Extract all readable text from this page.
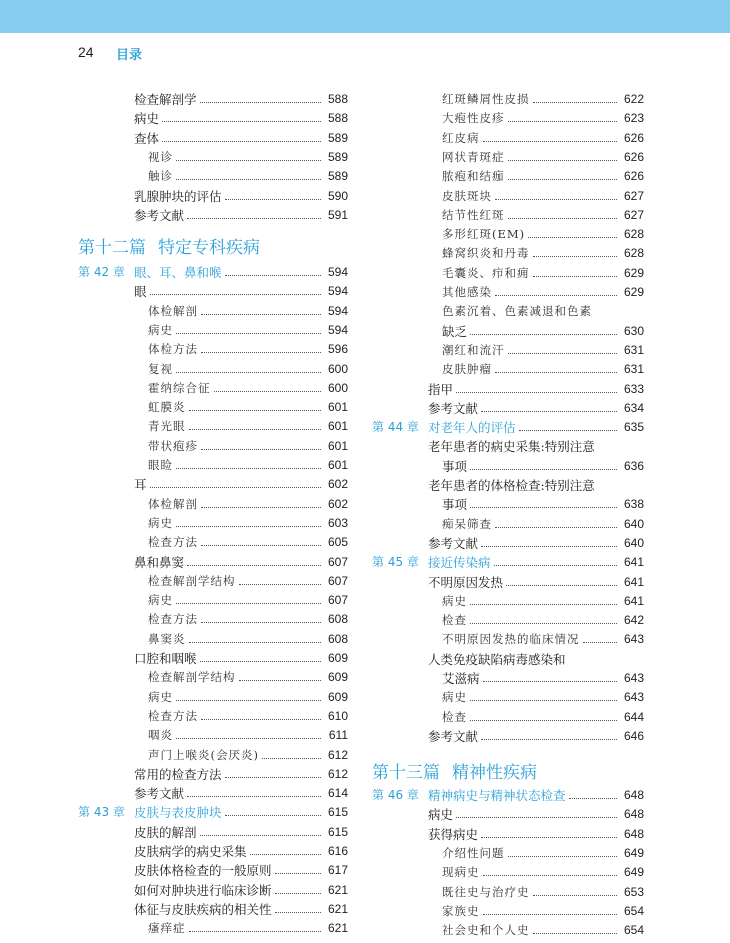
24 目录
检查解剖学	588
病史	588
查体	589
视诊	589
触诊	589
乳腺肿块的评估	590
参考文献	591
第十二篇 特定专科疾病
第 42 章 眼、耳、鼻和喉	594
眼	594
体检解剖	594
病史	594
体检方法	596
复视	600
霍纳综合征	600
虹膜炎	601
青光眼	601
带状疱疹	601
眼睑	601
耳	602
体检解剖	602
病史	603
检查方法	605
鼻和鼻窦	607
检查解剖学结构	607
病史	607
检查方法	608
鼻窦炎	608
口腔和咽喉	609
检查解剖学结构	609
病史	609
检查方法	610
咽炎	611
声门上喉炎(会厌炎)	612
常用的检查方法	612
参考文献	614
第 43 章 皮肤与表皮肿块	615
皮肤的解剖	615
皮肤病学的病史采集	616
皮肤体格检查的一般原则	617
如何对肿块进行临床诊断	621
体征与皮肤疾病的相关性	621
瘙痒症	621
红斑鳞屑性皮损	622
大疱性皮疹	623
红皮病	626
网状青斑症	626
脓疱和结痂	626
皮肤斑块	627
结节性红斑	627
多形红斑(EM)	628
蜂窝织炎和丹毒	628
毛囊炎、疖和痈	629
其他感染	629
色素沉着、色素减退和色素
缺乏	630
潮红和流汗	631
皮肤肿瘤	631
指甲	633
参考文献	634
第 44 章 对老年人的评估	635
老年患者的病史采集:特别注意
事项	636
老年患者的体格检查:特别注意
事项	638
痴呆筛查	640
参考文献	640
第 45 章 接近传染病	641
不明原因发热	641
病史	641
检查	642
不明原因发热的临床情况	643
人类免疫缺陷病毒感染和
艾滋病	643
病史	643
检查	644
参考文献	646
第十三篇 精神性疾病
第 46 章 精神病史与精神状态检查	648
病史	648
获得病史	648
介绍性问题	649
现病史	649
既往史与治疗史	653
家族史	654
社会史和个人史	654
